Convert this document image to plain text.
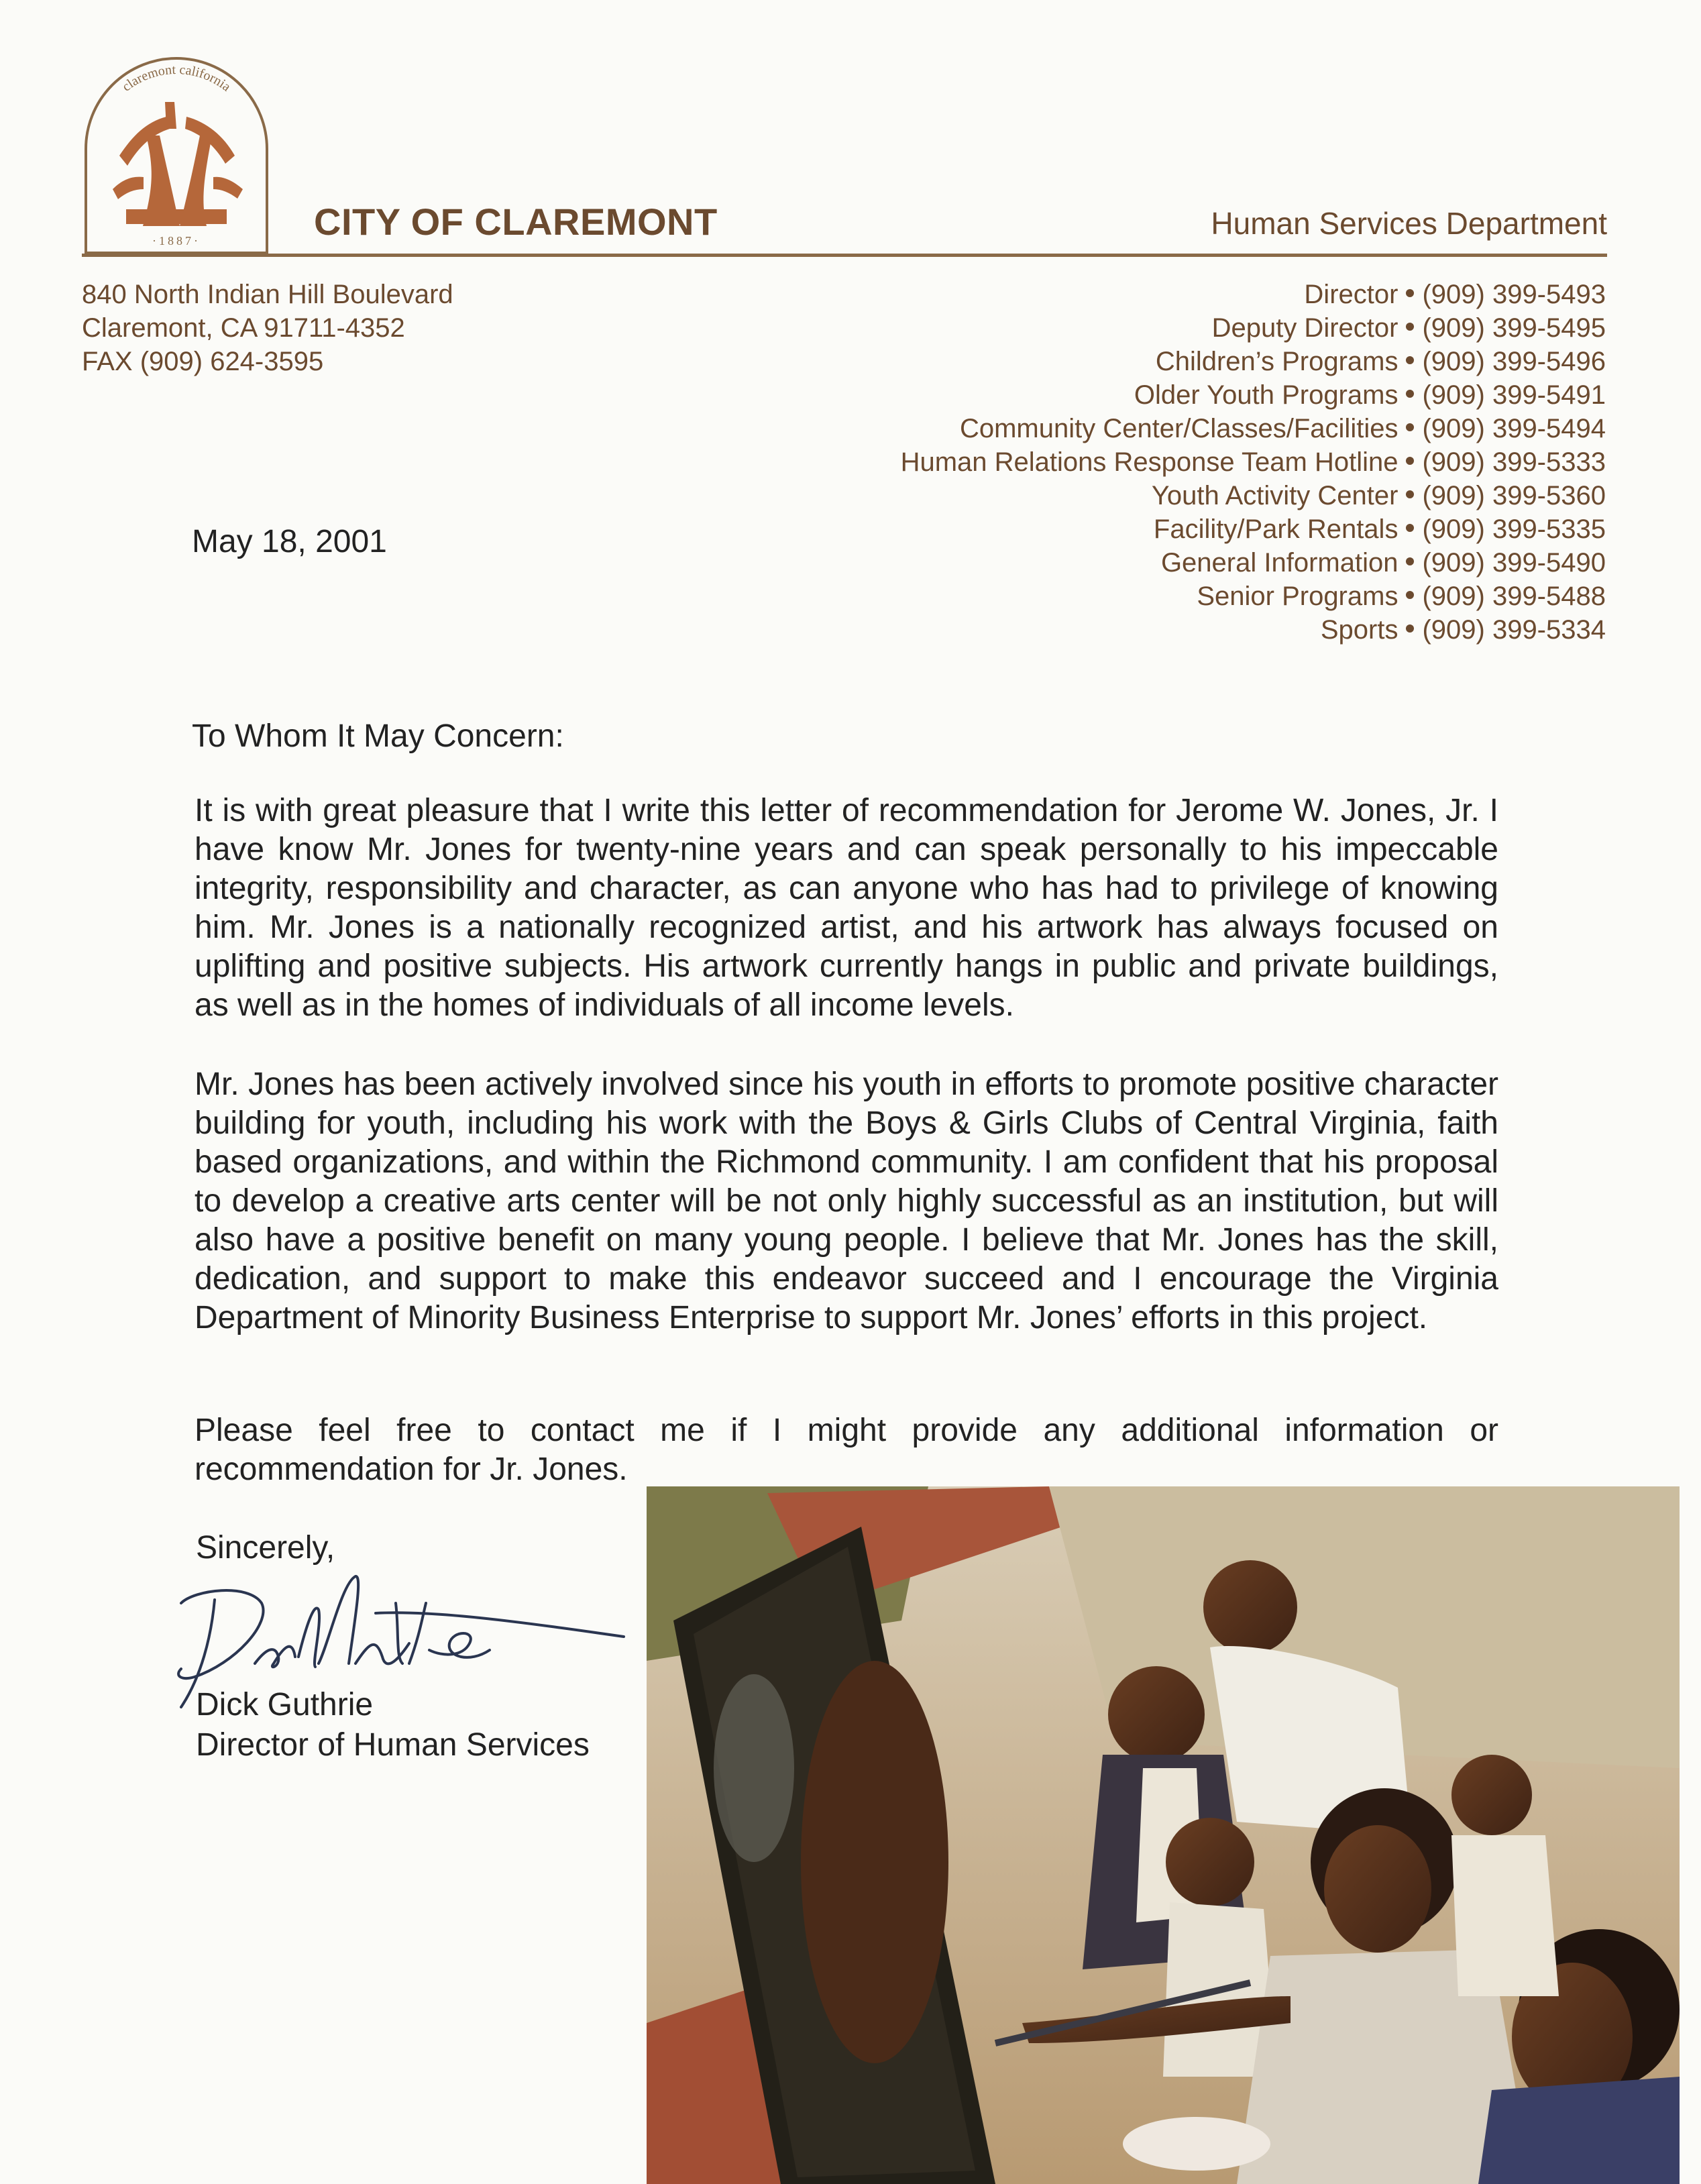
·1887·
claremont california
CITY OF CLAREMONT	Human Services Department
840 North Indian Hill Boulevard
Claremont, CA 91711-4352
FAX (909) 624-3595
Director (909) 399-5493
Deputy Director (909) 399-5495
Children’s Programs (909) 399-5496
Older Youth Programs (909) 399-5491
Community Center/Classes/Facilities (909) 399-5494
Human Relations Response Team Hotline (909) 399-5333
Youth Activity Center (909) 399-5360
Facility/Park Rentals (909) 399-5335
General Information (909) 399-5490
Senior Programs (909) 399-5488
Sports (909) 399-5334
May 18, 2001
To Whom It May Concern:
It is with great pleasure that I write this letter of recommendation for Jerome W. Jones, Jr. I have know Mr. Jones for twenty-nine years and can speak personally to his impeccable integrity, responsibility and character, as can anyone who has had to privilege of knowing him. Mr. Jones is a nationally recognized artist, and his artwork has always focused on uplifting and positive subjects. His artwork currently hangs in public and private buildings, as well as in the homes of individuals of all income levels.
Mr. Jones has been actively involved since his youth in efforts to promote positive character building for youth, including his work with the Boys & Girls Clubs of Central Virginia, faith based organizations, and within the Richmond community. I am confident that his proposal to develop a creative arts center will be not only highly successful as an institution, but will also have a positive benefit on many young people. I believe that Mr. Jones has the skill, dedication, and support to make this endeavor succeed and I encourage the Virginia Department of Minority Business Enterprise to support Mr. Jones’ efforts in this project.
Please feel free to contact me if I might provide any additional information or recommendation for Jr. Jones.
Sincerely,
Dick Guthrie
Director of Human Services
